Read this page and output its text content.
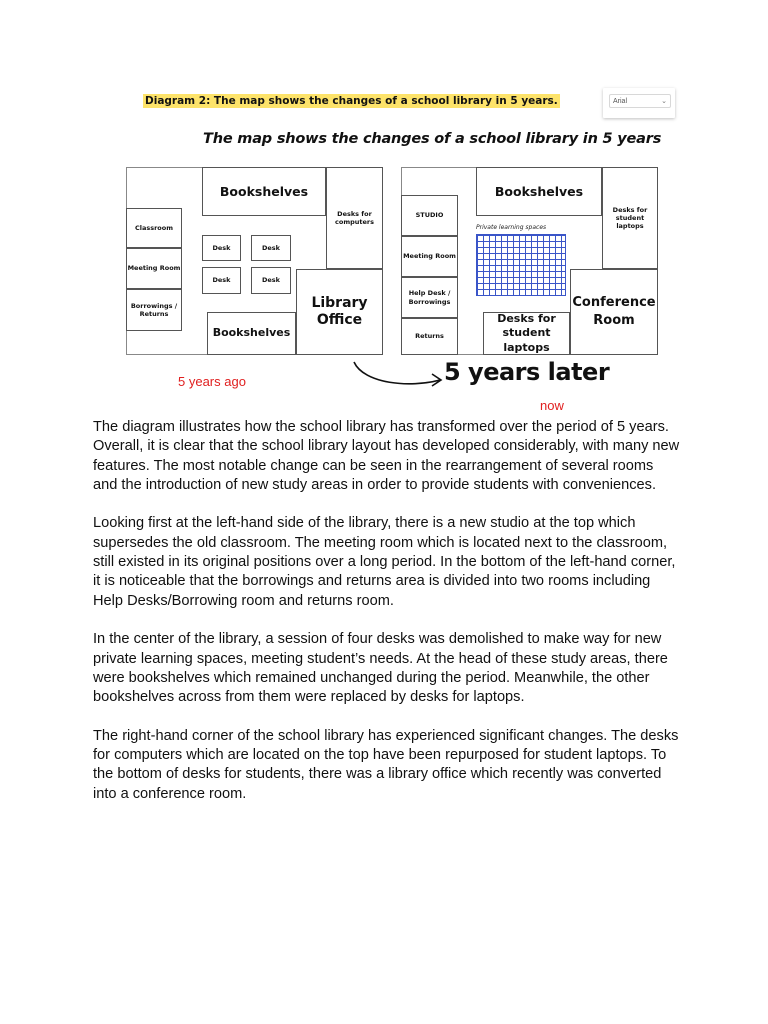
Diagram 2: The map shows the changes of a school library in 5 years.	Arial	⌄
The map shows the changes of a school library in 5 years
Bookshelves
Desks for computers
Classroom
Meeting Room
Borrowings / Returns
Desk	Desk
Desk	Desk
Bookshelves
Library Office
Bookshelves
Desks for student laptops
STUDIO
Meeting Room
Help Desk / Borrowings
Returns
Private learning spaces
Desks for student laptops
Conference Room
5 years ago	5 years later
now

The diagram illustrates how the school library has transformed over the period of 5 years.

Overall, it is clear that the school library layout has developed considerably, with many new features. The most notable change can be seen in the rearrangement of several rooms and the introduction of new study areas in order to provide students with conveniences.

Looking first at the left-hand side of the library, there is a new studio at the top which supersedes the old classroom. The meeting room which is located next to the classroom, still existed in its original positions over a long period. In the bottom of the left-hand corner, it is noticeable that the borrowings and returns area is divided into two rooms including Help Desks/Borrowing room and returns room.

In the center of the library, a session of four desks was demolished to make way for new private learning spaces, meeting student’s needs. At the head of these study areas, there were bookshelves which remained unchanged during the period. Meanwhile, the other bookshelves across from them were replaced by desks for laptops.

The right-hand corner of the school library has experienced significant changes. The desks for computers which are located on the top have been repurposed for student laptops. To the bottom of desks for students, there was a library office which recently was converted into a conference room.
